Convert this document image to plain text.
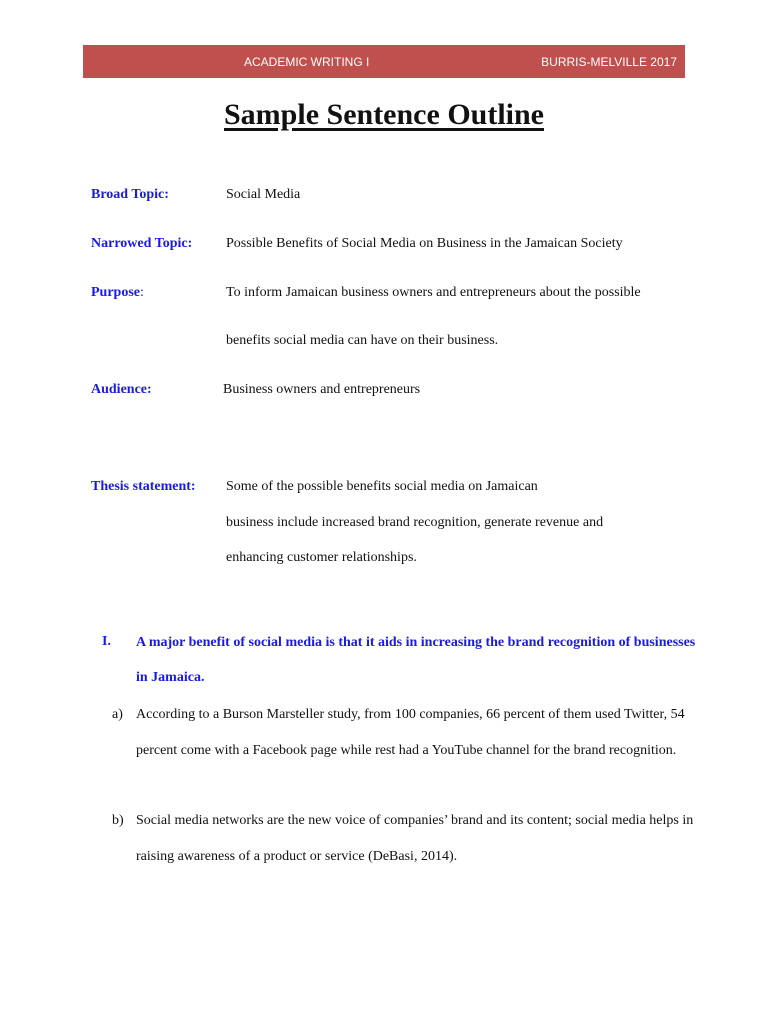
ACADEMIC WRITING I	BURRIS-MELVILLE 2017
Sample Sentence Outline
Broad Topic:	Social Media
Narrowed Topic: Possible Benefits of Social Media on Business in the Jamaican Society
Purpose:	To inform Jamaican business owners and entrepreneurs about the possible
benefits social media can have on their business.
Audience:	Business owners and entrepreneurs
Thesis statement: Some of the possible benefits social media on Jamaican
business include increased brand recognition, generate revenue and
enhancing customer relationships.
I. A major benefit of social media is that it aids in increasing the brand recognition of businesses in Jamaica.
a) According to a Burson Marsteller study, from 100 companies, 66 percent of them used Twitter, 54 percent come with a Facebook page while rest had a YouTube channel for the brand recognition.
b) Social media networks are the new voice of companies’ brand and its content; social media helps in raising awareness of a product or service (DeBasi, 2014).
